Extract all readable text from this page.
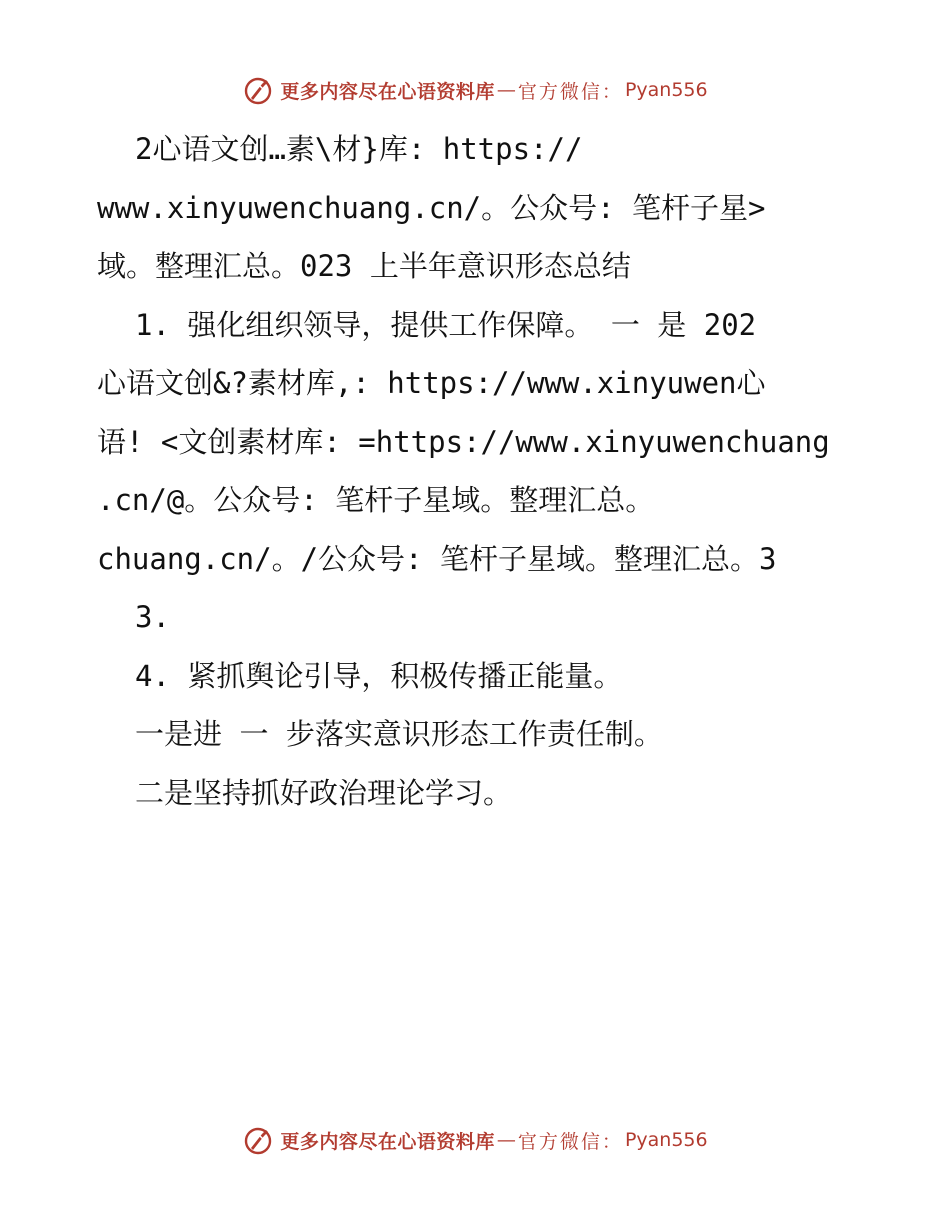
更多内容尽在心语资料库 — 官方微信： Pyan556
2心语文创…素\材}库: https://
www.xinyuwenchuang.cn/。公众号: 笔杆子星>
域。整理汇总。023 上半年意识形态总结
1. 强化组织领导，提供工作保障。 一 是 202
心语文创&?素材库,: https://www.xinyuwen心
语! <文创素材库: =https://www.xinyuwenchuang
.cn/@。公众号: 笔杆子星域。整理汇总。
chuang.cn/。/公众号: 笔杆子星域。整理汇总。3
3.
4. 紧抓舆论引导，积极传播正能量。
一是进 一 步落实意识形态工作责任制。
二是坚持抓好政治理论学习。
更多内容尽在心语资料库 — 官方微信： Pyan556
